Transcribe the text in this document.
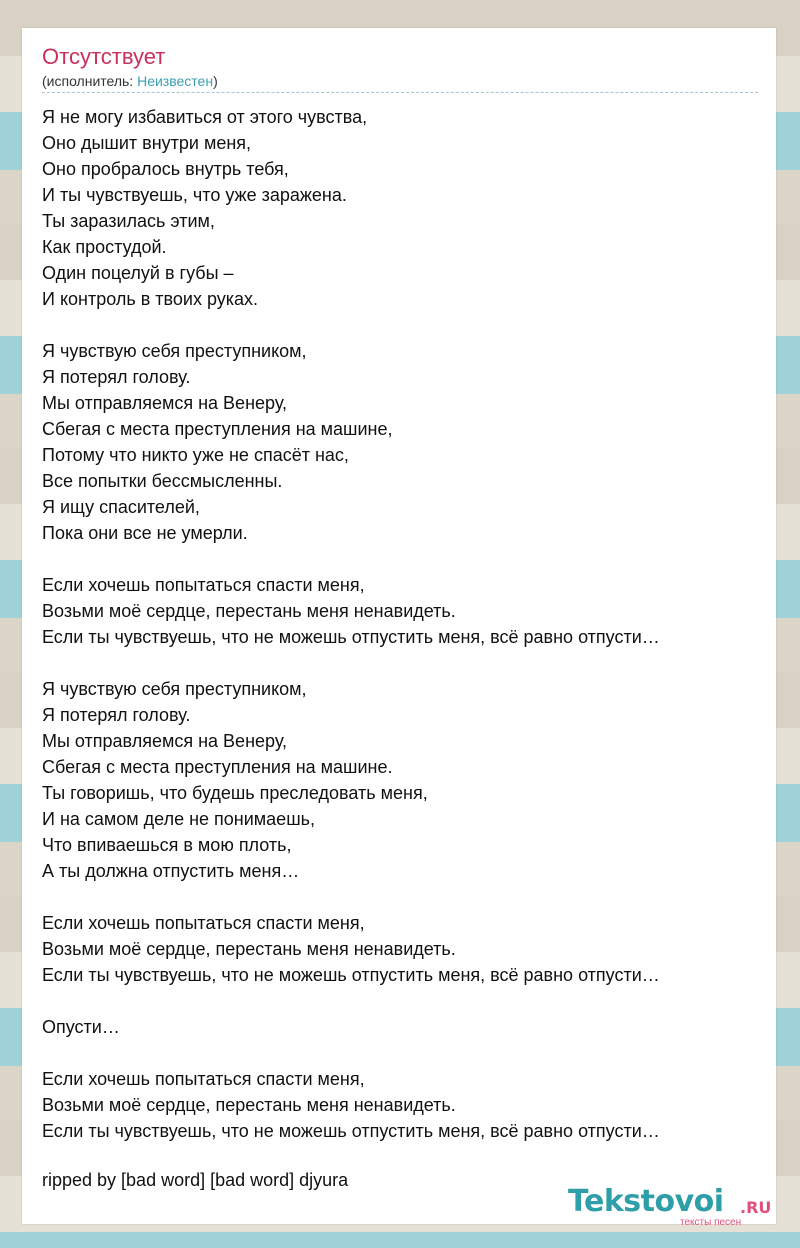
Отсутствует
(исполнитель: Неизвестен)
Я не могу избавиться от этого чувства,
Оно дышит внутри меня,
Оно пробралось внутрь тебя,
И ты чувствуешь, что уже заражена.
Ты заразилась этим,
Как простудой.
Один поцелуй в губы –
И контроль в твоих руках.
Я чувствую себя преступником,
Я потерял голову.
Мы отправляемся на Венеру,
Сбегая с места преступления на машине,
Потому что никто уже не спасёт нас,
Все попытки бессмысленны.
Я ищу спасителей,
Пока они все не умерли.
Если хочешь попытаться спасти меня,
Возьми моё сердце, перестань меня ненавидеть.
Если ты чувствуешь, что не можешь отпустить меня, всё равно отпусти…
Я чувствую себя преступником,
Я потерял голову.
Мы отправляемся на Венеру,
Сбегая с места преступления на машине.
Ты говоришь, что будешь преследовать меня,
И на самом деле не понимаешь,
Что впиваешься в мою плоть,
А ты должна отпустить меня…
Если хочешь попытаться спасти меня,
Возьми моё сердце, перестань меня ненавидеть.
Если ты чувствуешь, что не можешь отпустить меня, всё равно отпусти…
Опусти…
Если хочешь попытаться спасти меня,
Возьми моё сердце, перестань меня ненавидеть.
Если ты чувствуешь, что не можешь отпустить меня, всё равно отпусти…
ripped by [bad word] [bad word] djyura
Tekstovoi .RU
тексты песен
